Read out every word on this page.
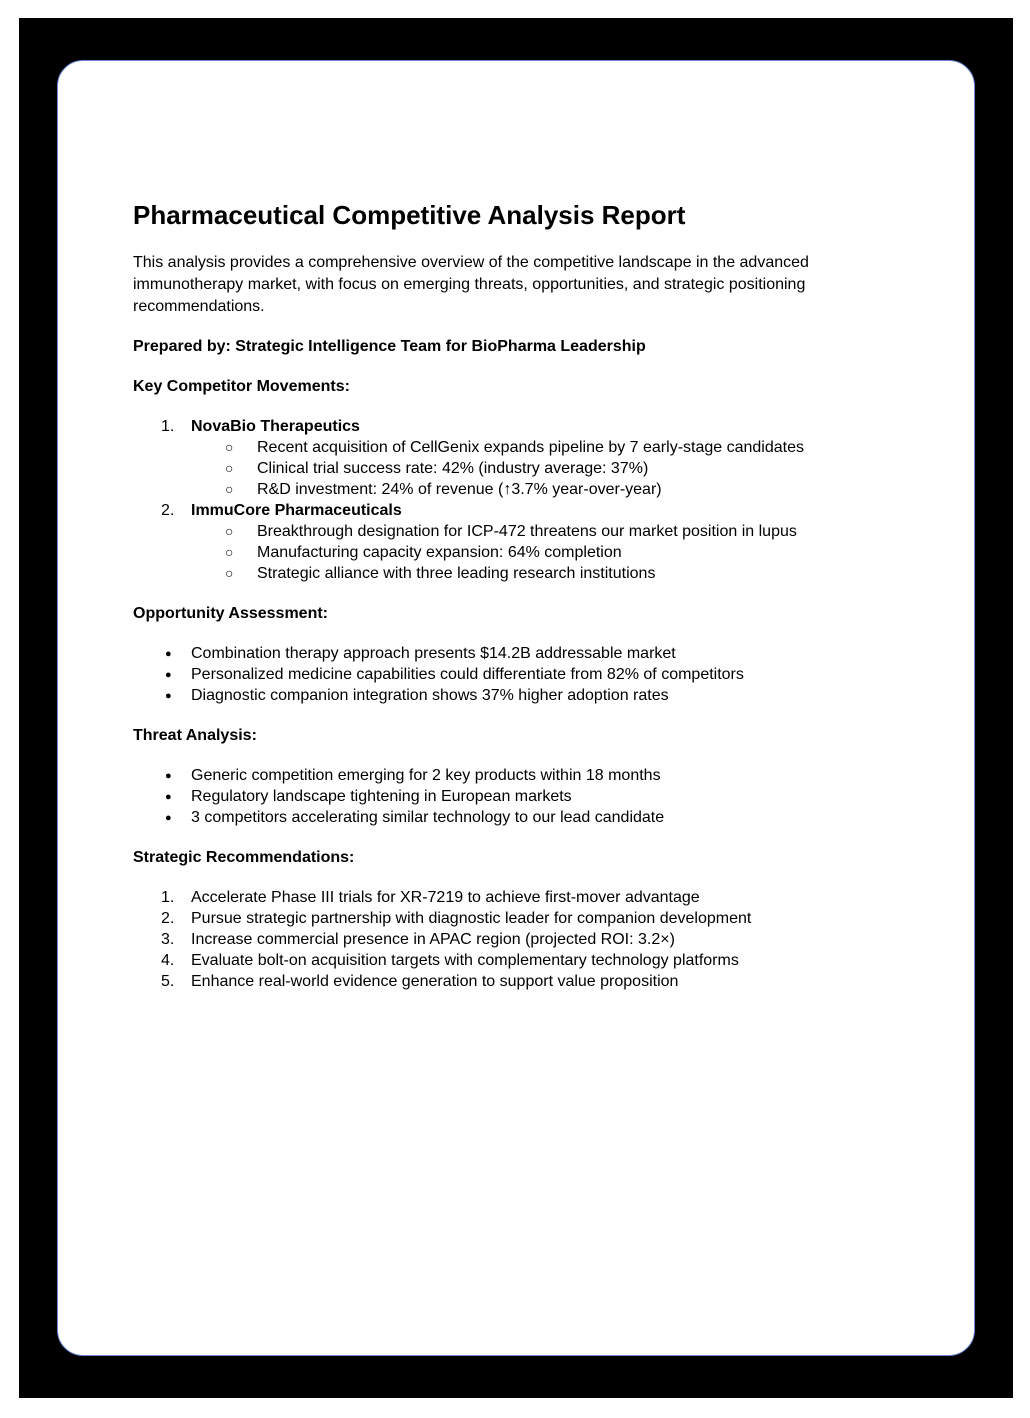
Pharmaceutical Competitive Analysis Report

This analysis provides a comprehensive overview of the competitive landscape in the advanced immunotherapy market, with focus on emerging threats, opportunities, and strategic positioning recommendations.

Prepared by: Strategic Intelligence Team for BioPharma Leadership

Key Competitor Movements:

1. NovaBio Therapeutics
○ Recent acquisition of CellGenix expands pipeline by 7 early-stage candidates
○ Clinical trial success rate: 42% (industry average: 37%)
○ R&D investment: 24% of revenue (↑3.7% year-over-year)
2. ImmuCore Pharmaceuticals
○ Breakthrough designation for ICP-472 threatens our market position in lupus
○ Manufacturing capacity expansion: 64% completion
○ Strategic alliance with three leading research institutions

Opportunity Assessment:

● Combination therapy approach presents $14.2B addressable market
● Personalized medicine capabilities could differentiate from 82% of competitors
● Diagnostic companion integration shows 37% higher adoption rates

Threat Analysis:

● Generic competition emerging for 2 key products within 18 months
● Regulatory landscape tightening in European markets
● 3 competitors accelerating similar technology to our lead candidate

Strategic Recommendations:

1. Accelerate Phase III trials for XR-7219 to achieve first-mover advantage
2. Pursue strategic partnership with diagnostic leader for companion development
3. Increase commercial presence in APAC region (projected ROI: 3.2×)
4. Evaluate bolt-on acquisition targets with complementary technology platforms
5. Enhance real-world evidence generation to support value proposition
